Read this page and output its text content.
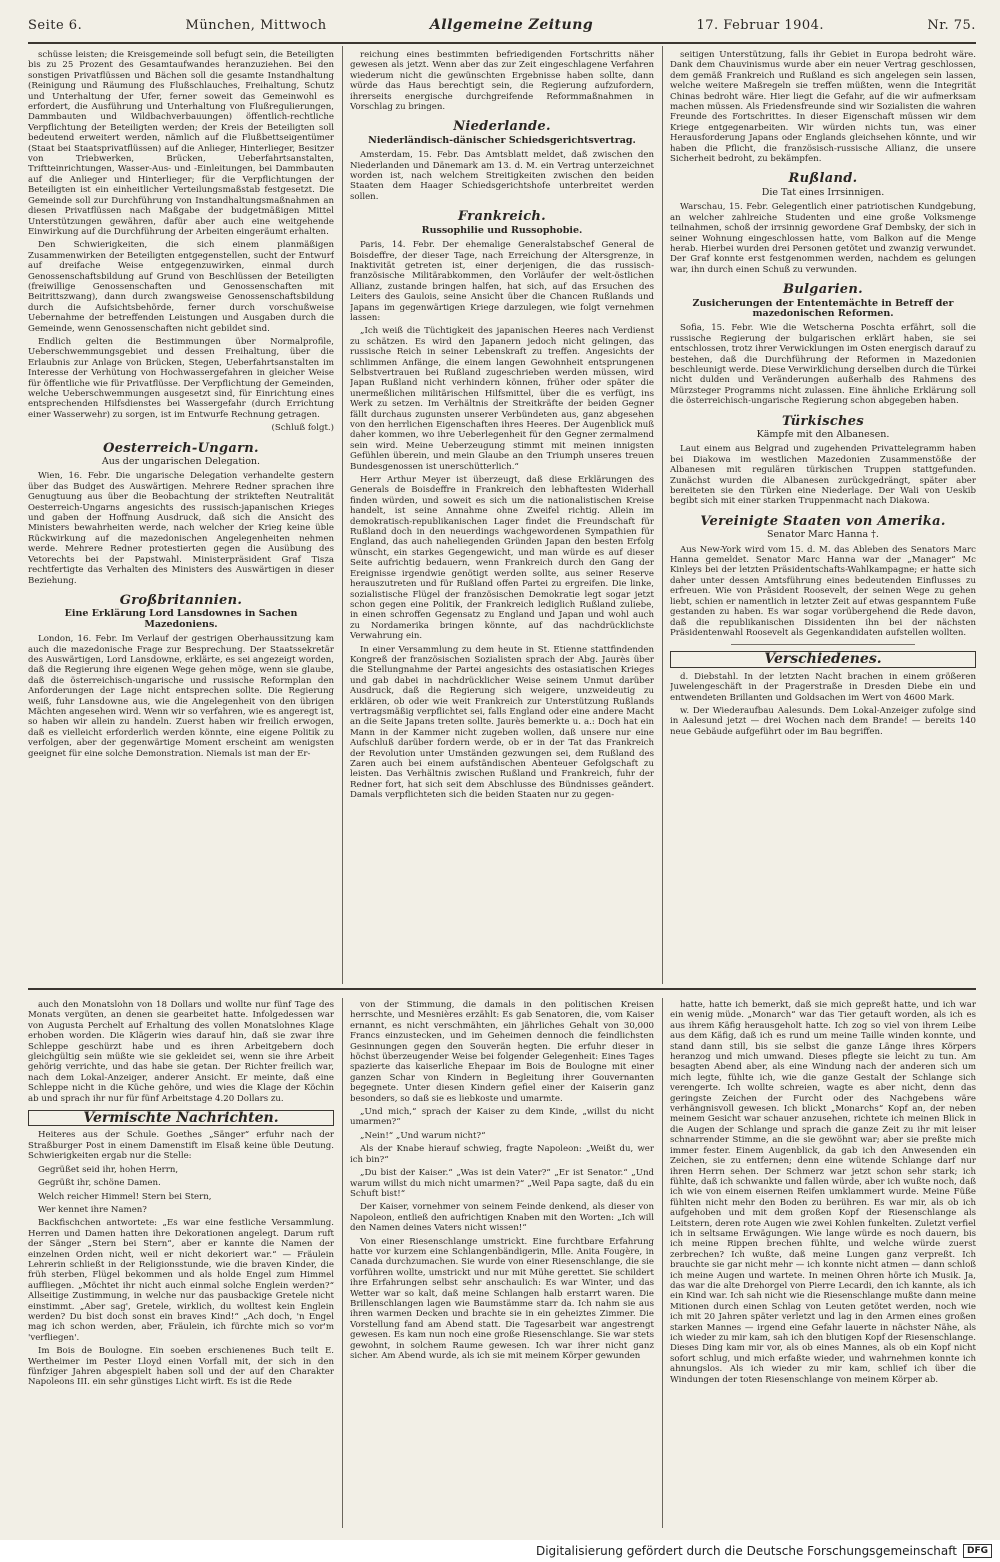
Seite 6.	München, Mittwoch	Allgemeine Zeitung	17. Februar 1904.	Nr. 75.

schüsse leisten; die Kreisgemeinde soll befugt sein, die Beteiligten bis zu 25 Prozent des Gesamtaufwandes heranzuziehen. Bei den sonstigen Privatflüssen und Bächen soll die gesamte Instandhaltung (Reinigung und Räumung des Flußschlauches, Freihaltung, Schutz und Unterhaltung der Ufer, ferner soweit das Gemeinwohl es erfordert, die Ausführung und Unterhaltung von Flußregulierungen, Dammbauten und Wildbachverbauungen) öffentlich-rechtliche Verpflichtung der Beteiligten werden; der Kreis der Beteiligten soll bedeutend erweitert werden, nämlich auf die Flußbettseigentümer (Staat bei Staatsprivatflüssen) auf die Anlieger, Hinterlieger, Besitzer von Triebwerken, Brücken, Ueberfahrtsanstalten, Triftteinrichtungen, Wasser-Aus- und -Einleitungen, bei Dammbauten auf die Anlieger und Hinterlieger; für die Verpflichtungen der Beteiligten ist ein einheitlicher Verteilungsmaßstab festgesetzt. Die Gemeinde soll zur Durchführung von Instandhaltungsmaßnahmen an diesen Privatflüssen nach Maßgabe der budgetmäßigen Mittel Unterstützungen gewähren, dafür aber auch eine weitgehende Einwirkung auf die Durchführung der Arbeiten eingeräumt erhalten.

Den Schwierigkeiten, die sich einem planmäßigen Zusammenwirken der Beteiligten entgegenstellen, sucht der Entwurf auf dreifache Weise entgegenzuwirken, einmal durch Genossenschaftsbildung auf Grund von Beschlüssen der Beteiligten (freiwillige Genossenschaften und Genossenschaften mit Beitrittszwang), dann durch zwangsweise Genossenschaftsbildung durch die Aufsichtsbehörde, ferner durch vorschußweise Uebernahme der betreffenden Leistungen und Ausgaben durch die Gemeinde, wenn Genossenschaften nicht gebildet sind.

Endlich gelten die Bestimmungen über Normalprofile, Ueberschwemmungsgebiet und dessen Freihaltung, über die Erlaubnis zur Anlage von Brücken, Stegen, Ueberfahrtsanstalten im Interesse der Verhütung von Hochwassergefahren in gleicher Weise für öffentliche wie für Privatflüsse. Der Verpflichtung der Gemeinden, welche Ueberschwemmungen ausgesetzt sind, für Einrichtung eines entsprechenden Hilfsdienstes bei Wassergefahr (durch Errichtung einer Wasserwehr) zu sorgen, ist im Entwurfe Rechnung getragen.

(Schluß folgt.)

Oesterreich-Ungarn.
Aus der ungarischen Delegation.

Wien, 16. Febr. Die ungarische Delegation verhandelte gestern über das Budget des Auswärtigen. Mehrere Redner sprachen ihre Genugtuung aus über die Beobachtung der strikteften Neutralität Oesterreich-Ungarns angesichts des russisch-japanischen Krieges und gaben der Hoffnung Ausdruck, daß sich die Ansicht des Ministers bewahrheiten werde, nach welcher der Krieg keine üble Rückwirkung auf die mazedonischen Angelegenheiten nehmen werde. Mehrere Redner protestierten gegen die Ausübung des Vetorechts bei der Papstwahl. Ministerpräsident Graf Tisza rechtfertigte das Verhalten des Ministers des Auswärtigen in dieser Beziehung.

Großbritannien.
Eine Erklärung Lord Lansdownes in Sachen Mazedoniens.

London, 16. Febr. Im Verlauf der gestrigen Oberhaussitzung kam auch die mazedonische Frage zur Besprechung. Der Staatssekretär des Auswärtigen, Lord Lansdowne, erklärte, es sei angezeigt worden, daß die Regierung ihre eigenen Wege gehen möge, wenn sie glaube, daß die österreichisch-ungarische und russische Reformplan den Anforderungen der Lage nicht entsprechen sollte. Die Regierung weiß, fuhr Lansdowne aus, wie die Angelegenheit von den übrigen Mächten angesehen wird. Wenn wir so verfahren, wie es angeregt ist, so haben wir allein zu handeln. Zuerst haben wir freilich erwogen, daß es vielleicht erforderlich werden könnte, eine eigene Politik zu verfolgen, aber der gegenwärtige Moment erscheint am wenigsten geeignet für eine solche Demonstration. Niemals ist man der Er-

reichung eines bestimmten befriedigenden Fortschritts näher gewesen als jetzt. Wenn aber das zur Zeit eingeschlagene Verfahren wiederum nicht die gewünschten Ergebnisse haben sollte, dann würde das Haus berechtigt sein, die Regierung aufzufordern, ihrerseits energische durchgreifende Reformmaßnahmen in Vorschlag zu bringen.

Niederlande.
Niederländisch-dänischer Schiedsgerichtsvertrag.

Amsterdam, 15. Febr. Das Amtsblatt meldet, daß zwischen den Niederlanden und Dänemark am 13. d. M. ein Vertrag unterzeichnet worden ist, nach welchem Streitigkeiten zwischen den beiden Staaten dem Haager Schiedsgerichtshofe unterbreitet werden sollen.

Frankreich.
Russophilie und Russophobie.

Paris, 14. Febr. Der ehemalige Generalstabschef General de Boisdeffre, der dieser Tage, nach Erreichung der Altersgrenze, in Inaktivität getreten ist, einer derjenigen, die das russisch-französische Militärabkommen, den Vorläufer der welt-östlichen Allianz, zustande bringen halfen, hat sich, auf das Ersuchen des Leiters des Gaulois, seine Ansicht über die Chancen Rußlands und Japans im gegenwärtigen Kriege darzulegen, wie folgt vernehmen lassen:

„Ich weiß die Tüchtigkeit des japanischen Heeres nach Verdienst zu schätzen. Es wird den Japanern jedoch nicht gelingen, das russische Reich in seiner Lebenskraft zu treffen. Angesichts der schlimmen Anfänge, die einem langen Gewohnheit entsprungenen Selbstvertrauen bei Rußland zugeschrieben werden müssen, wird Japan Rußland nicht verhindern können, früher oder später die unermeßlichen militärischen Hilfsmittel, über die es verfügt, ins Werk zu setzen. Im Verhältnis der Streitkräfte der beiden Gegner fällt durchaus zugunsten unserer Verbündeten aus, ganz abgesehen von den herrlichen Eigenschaften ihres Heeres. Der Augenblick muß daher kommen, wo ihre Ueberlegenheit für den Gegner zermalmend sein wird. Meine Ueberzeugung stimmt mit meinen innigsten Gefühlen überein, und mein Glaube an den Triumph unseres treuen Bundesgenossen ist unerschütterlich.“

Herr Arthur Meyer ist überzeugt, daß diese Erklärungen des Generals de Boisdeffre in Frankreich den lebhaftesten Widerhall finden würden, und soweit es sich um die nationalistischen Kreise handelt, ist seine Annahme ohne Zweifel richtig. Allein im demokratisch-republikanischen Lager findet die Freundschaft für Rußland doch in den neuerdings wachgewordenen Sympathien für England, das auch naheliegenden Gründen Japan den besten Erfolg wünscht, ein starkes Gegengewicht, und man würde es auf dieser Seite aufrichtig bedauern, wenn Frankreich durch den Gang der Ereignisse irgendwie genötigt werden sollte, aus seiner Reserve herauszutreten und für Rußland offen Partei zu ergreifen. Die linke, sozialistische Flügel der französischen Demokratie legt sogar jetzt schon gegen eine Politik, der Frankreich lediglich Rußland zuliebe, in einen schroffen Gegensatz zu England und Japan und wohl auch zu Nordamerika bringen könnte, auf das nachdrücklichste Verwahrung ein.

In einer Versammlung zu dem heute in St. Etienne stattfindenden Kongreß der französischen Sozialisten sprach der Abg. Jaurès über die Stellungnahme der Partei angesichts des ostasiatischen Krieges und gab dabei in nachdrücklicher Weise seinem Unmut darüber Ausdruck, daß die Regierung sich weigere, unzweideutig zu erklären, ob oder wie weit Frankreich zur Unterstützung Rußlands vertragsmäßig verpflichtet sei, falls England oder eine andere Macht an die Seite Japans treten sollte. Jaurès bemerkte u. a.: Doch hat ein Mann in der Kammer nicht zugeben wollen, daß unsere nur eine Aufschluß darüber fordern werde, ob er in der Tat das Frankreich der Revolution unter Umständen gezwungen sei, dem Rußland des Zaren auch bei einem aufständischen Abenteuer Gefolgschaft zu leisten. Das Verhältnis zwischen Rußland und Frankreich, fuhr der Redner fort, hat sich seit dem Abschlusse des Bündnisses geändert. Damals verpflichteten sich die beiden Staaten nur zu gegen-

seitigen Unterstützung, falls ihr Gebiet in Europa bedroht wäre. Dank dem Chauvinismus wurde aber ein neuer Vertrag geschlossen, dem gemäß Frankreich und Rußland es sich angelegen sein lassen, welche weitere Maßregeln sie treffen müßten, wenn die Integrität Chinas bedroht wäre. Hier liegt die Gefahr, auf die wir aufmerksam machen müssen. Als Friedensfreunde sind wir Sozialisten die wahren Freunde des Fortschrittes. In dieser Eigenschaft müssen wir dem Kriege entgegenarbeiten. Wir würden nichts tun, was einer Herausforderung Japans oder Englands gleichsehen könnte, und wir haben die Pflicht, die französisch-russische Allianz, die unsere Sicherheit bedroht, zu bekämpfen.

Rußland.
Die Tat eines Irrsinnigen.

Warschau, 15. Febr. Gelegentlich einer patriotischen Kundgebung, an welcher zahlreiche Studenten und eine große Volksmenge teilnahmen, schoß der irrsinnig gewordene Graf Dembsky, der sich in seiner Wohnung eingeschlossen hatte, vom Balkon auf die Menge herab. Hierbei wurden drei Personen getötet und zwanzig verwundet. Der Graf konnte erst festgenommen werden, nachdem es gelungen war, ihn durch einen Schuß zu verwunden.

Bulgarien.
Zusicherungen der Ententemächte in Betreff der mazedonischen Reformen.

Sofia, 15. Febr. Wie die Wetscherna Poschta erfährt, soll die russische Regierung der bulgarischen erklärt haben, sie sei entschlossen, trotz ihrer Verwicklungen im Osten energisch darauf zu bestehen, daß die Durchführung der Reformen in Mazedonien beschleunigt werde. Diese Verwirklichung derselben durch die Türkei nicht dulden und Veränderungen außerhalb des Rahmens des Mürzsteger Programms nicht zulassen. Eine ähnliche Erklärung soll die österreichisch-ungarische Regierung schon abgegeben haben.

Türkisches
Kämpfe mit den Albanesen.

Laut einem aus Belgrad und zugehenden Privattelegramm haben bei Diakowa im westlichen Mazedonien Zusammenstöße der Albanesen mit regulären türkischen Truppen stattgefunden. Zunächst wurden die Albanesen zurückgedrängt, später aber bereiteten sie den Türken eine Niederlage. Der Wali von Ueskib begibt sich mit einer starken Truppenmacht nach Diakowa.

Vereinigte Staaten von Amerika.
Senator Marc Hanna †.

Aus New-York wird vom 15. d. M. das Ableben des Senators Marc Hanna gemeldet. Senator Marc Hanna war der „Manager“ Mc Kinleys bei der letzten Präsidentschafts-Wahlkampagne; er hatte sich daher unter dessen Amtsführung eines bedeutenden Einflusses zu erfreuen. Wie von Präsident Roosevelt, der seinen Wege zu gehen liebt, schien er namentlich in letzter Zeit auf etwas gespanntem Fuße gestanden zu haben. Es war sogar vorübergehend die Rede davon, daß die republikanischen Dissidenten ihn bei der nächsten Präsidentenwahl Roosevelt als Gegenkandidaten aufstellen wollten.

Verschiedenes.

d. Diebstahl. In der letzten Nacht brachen in einem größeren Juwelengeschäft in der Pragerstraße in Dresden Diebe ein und entwendeten Brillanten und Goldsachen im Wert von 4600 Mark.

w. Der Wiederaufbau Aalesunds. Dem Lokal-Anzeiger zufolge sind in Aalesund jetzt — drei Wochen nach dem Brande! — bereits 140 neue Gebäude aufgeführt oder im Bau begriffen.

auch den Monatslohn von 18 Dollars und wollte nur fünf Tage des Monats vergüten, an denen sie gearbeitet hatte. Infolgedessen war von Augusta Perchelt auf Erhaltung des vollen Monatslohnes Klage erhoben worden. Die Klägerin wies darauf hin, daß sie zwar ihre Schleppe geschürzt habe und es ihren Arbeitgebern doch gleichgültig sein müßte wie sie gekleidet sei, wenn sie ihre Arbeit gehörig verrichte, und das habe sie getan. Der Richter freilich war, nach dem Lokal-Anzeiger, anderer Ansicht. Er meinte, daß eine Schleppe nicht in die Küche gehöre, und wies die Klage der Köchin ab und sprach ihr nur für fünf Arbeitstage 4.20 Dollars zu.

Vermischte Nachrichten.

Heiteres aus der Schule. Goethes „Sänger“ erfuhr nach der Straßburger Post in einem Damenstift im Elsaß keine üble Deutung. Schwierigkeiten ergab nur die Stelle:

Gegrüßet seid ihr, hohen Herrn,

Gegrüßt ihr, schöne Damen.

Welch reicher Himmel! Stern bei Stern,

Wer kennet ihre Namen?

Backfischchen antwortete: „Es war eine festliche Versammlung. Herren und Damen hatten ihre Dekorationen angelegt. Darum ruft der Sänger „Stern bei Stern“, aber er kannte die Namen der einzelnen Orden nicht, weil er nicht dekoriert war.“ — Fräulein Lehrerin schließt in der Religionsstunde, wie die braven Kinder, die früh sterben, Flügel bekommen und als holde Engel zum Himmel auffliegen. „Möchtet ihr nicht auch einmal solche Englein werden?“ Allseitige Zustimmung, in welche nur das pausbackige Gretele nicht einstimmt. „Aber sag', Gretele, wirklich, du wolltest kein Englein werden? Du bist doch sonst ein braves Kind!“ „Ach doch, 'n Engel mag ich schon werden, aber, Fräulein, ich fürchte mich so vor'm 'verfliegen'.

Im Bois de Boulogne. Ein soeben erschienenes Buch teilt E. Wertheimer im Pester Lloyd einen Vorfall mit, der sich in den fünfziger Jahren abgespielt haben soll und der auf den Charakter Napoleons III. ein sehr günstiges Licht wirft. Es ist die Rede

von der Stimmung, die damals in den politischen Kreisen herrschte, und Mesnières erzählt: Es gab Senatoren, die, vom Kaiser ernannt, es nicht verschmähten, ein jährliches Gehalt von 30,000 Francs einzustecken, und im Geheimen dennoch die feindlichsten Gesinnungen gegen den Souverän hegten. Die erfuhr dieser in höchst überzeugender Weise bei folgender Gelegenheit: Eines Tages spazierte das kaiserliche Ehepaar im Bois de Boulogne mit einer ganzen Schar von Kindern in Begleitung ihrer Gouvernanten begegnete. Unter diesen Kindern gefiel einer der Kaiserin ganz besonders, so daß sie es liebkoste und umarmte.

„Und mich,“ sprach der Kaiser zu dem Kinde, „willst du nicht umarmen?“

„Nein!“ „Und warum nicht?“

Als der Knabe hierauf schwieg, fragte Napoleon: „Weißt du, wer ich bin?“

„Du bist der Kaiser.“ „Was ist dein Vater?“ „Er ist Senator.“ „Und warum willst du mich nicht umarmen?“ „Weil Papa sagte, daß du ein Schuft bist!“

Der Kaiser, vornehmer von seinem Feinde denkend, als dieser von Napoleon, entließ den aufrichtigen Knaben mit den Worten: „Ich will den Namen deines Vaters nicht wissen!“

Von einer Riesenschlange umstrickt. Eine furchtbare Erfahrung hatte vor kurzem eine Schlangenbändigerin, Mlle. Anita Fougère, in Canada durchzumachen. Sie wurde von einer Riesenschlange, die sie vorführen wollte, umstrickt und nur mit Mühe gerettet. Sie schildert ihre Erfahrungen selbst sehr anschaulich: Es war Winter, und das Wetter war so kalt, daß meine Schlangen halb erstarrt waren. Die Brillenschlangen lagen wie Baumstämme starr da. Ich nahm sie aus ihren warmen Decken und brachte sie in ein geheiztes Zimmer. Die Vorstellung fand am Abend statt. Die Tagesarbeit war angestrengt gewesen. Es kam nun noch eine große Riesenschlange. Sie war stets gewohnt, in solchem Raume gewesen. Ich war ihrer nicht ganz sicher. Am Abend wurde, als ich sie mit meinem Körper gewunden

hatte, hatte ich bemerkt, daß sie mich gepreßt hatte, und ich war ein wenig müde. „Monarch“ war das Tier getauft worden, als ich es aus ihrem Käfig herausgeholt hatte. Ich zog so viel von ihrem Leibe aus dem Käfig, daß ich es rund um meine Taille winden konnte, und stand dann still, bis sie selbst die ganze Länge ihres Körpers heranzog und mich umwand. Dieses pflegte sie leicht zu tun. Am besagten Abend aber, als eine Windung nach der anderen sich um mich legte, fühlte ich, wie die ganze Gestalt der Schlange sich verengerte. Ich wollte schreien, wagte es aber nicht, denn das geringste Zeichen der Furcht oder des Nachgebens wäre verhängnisvoll gewesen. Ich blickt „Monarchs“ Kopf an, der neben meinem Gesicht war schauer anzusehen, richtete ich meinen Blick in die Augen der Schlange und sprach die ganze Zeit zu ihr mit leiser schnarrender Stimme, an die sie gewöhnt war; aber sie preßte mich immer fester. Einem Augenblick, da gab ich den Anwesenden ein Zeichen, sie zu entfernen; denn eine wütende Schlange darf nur ihren Herrn sehen. Der Schmerz war jetzt schon sehr stark; ich fühlte, daß ich schwankte und fallen würde, aber ich wußte noch, daß ich wie von einem eisernen Reifen umklammert wurde. Meine Füße fühlten nicht mehr den Boden zu berühren. Es war mir, als ob ich aufgehoben und mit dem großen Kopf der Riesenschlange als Leitstern, deren rote Augen wie zwei Kohlen funkelten. Zuletzt verfiel ich in seltsame Erwägungen. Wie lange würde es noch dauern, bis ich meine Rippen brechen fühlte, und welche würde zuerst zerbrechen? Ich wußte, daß meine Lungen ganz verpreßt. Ich brauchte sie gar nicht mehr — ich konnte nicht atmen — dann schloß ich meine Augen und wartete. In meinen Ohren hörte ich Musik. Ja, das war die alte Drehorgel von Pierre Lecardi, den ich kannte, als ich ein Kind war. Ich sah nicht wie die Riesenschlange mußte dann meine Mitionen durch einen Schlag von Leuten getötet werden, noch wie ich mit 20 Jahren später verletzt und lag in den Armen eines großen starken Mannes — irgend eine Gefahr lauerte in nächster Nähe, als ich wieder zu mir kam, sah ich den blutigen Kopf der Riesenschlange. Dieses Ding kam mir vor, als ob eines Mannes, als ob ein Kopf nicht sofort schlug, und mich erfaßte wieder, und wahrnehmen konnte ich ahnungslos. Als ich wieder zu mir kam, schlief ich über die Windungen der toten Riesenschlange von meinem Körper ab.

Digitalisierung gefördert durch die Deutsche Forschungsgemeinschaft	DFG
